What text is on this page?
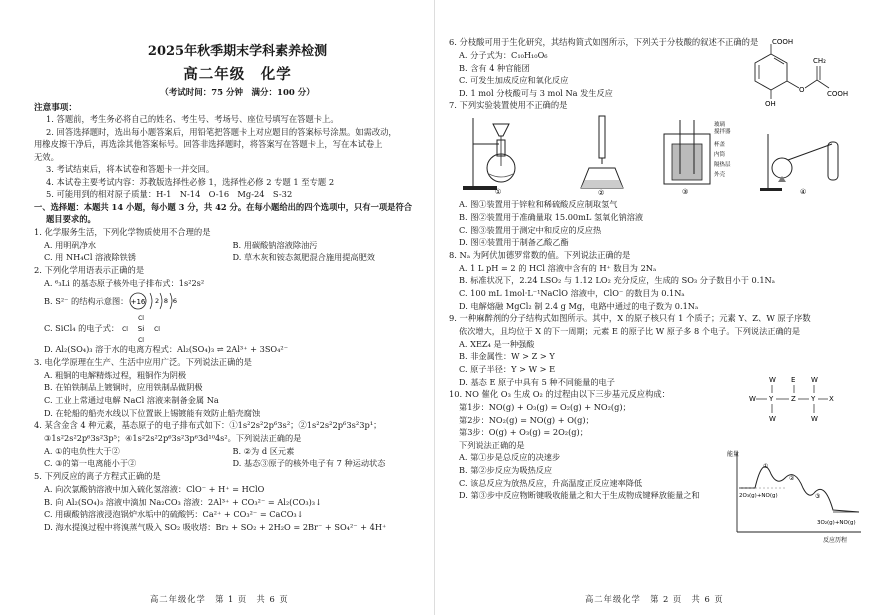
2025年秋季期末学科素养检测
高二年级　化学
（考试时间：75 分钟　满分：100 分）
注意事项：
1. 答题前，考生务必将自己的姓名、考生号、考场号、座位号填写在答题卡上。
2. 回答选择题时，选出每小题答案后，用铅笔把答题卡上对应题目的答案标号涂黑。如需改动，
用橡皮擦干净后，再选涂其他答案标号。回答非选择题时，将答案写在答题卡上，写在本试卷上
无效。
3. 考试结束后，将本试卷和答题卡一并交回。
4. 本试卷主要考试内容：苏教版选择性必修 1，选择性必修 2 专题 1 至专题 2
5. 可能用到的相对原子质量：H-1　N-14　O-16　Mg-24　S-32
一、选择题：本题共 14 小题，每小题 3 分，共 42 分。在每小题给出的四个选项中，只有一项是符合
题目要求的。
1. 化学服务生活，下列化学物质使用不合理的是
A. 用明矾净水	B. 用碳酸钠溶液除油污
C. 用 NH₄Cl 溶液除铁锈	D. 草木灰和铵态氮肥混合施用提高肥效
2. 下列化学用语表示正确的是
A. ⁶₃Li 的基态原子核外电子排布式：1s²2s²
B. S²⁻ 的结构示意图： +16 2 8 6
C. SiCl₄ 的电子式：	Si
Cl
Cl
Cl	Cl
D. Al₂(SO₄)₃ 溶于水的电离方程式：Al₂(SO₄)₃ ⇌ 2Al³⁺ + 3SO₄²⁻
3. 电化学原理在生产、生活中应用广泛。下列说法正确的是
A. 粗铜的电解精炼过程，粗铜作为阴极
B. 在铂铁制品上镀铜时，应用铁制品做阴极
C. 工业上常通过电解 NaCl 溶液来制备金属 Na
D. 在轮船的船壳水线以下位置嵌上锡镀能有效防止船壳腐蚀
4. 某含金含 4 种元素，基态原子的电子排布式如下：①1s²2s²2p⁶3s²；②1s²2s²2p⁶3s²3p¹；
③1s²2s²2p⁶3s²3p⁵；④1s²2s²2p⁶3s²3p⁶3d¹⁰4s²。下列说法正确的是
A. ①的电负性大于②	B. ②为 d 区元素
C. ③的第一电离能小于②	D. 基态③原子的核外电子有 7 种运动状态
5. 下列反应的离子方程式正确的是
A. 向次氯酸钠溶液中加入硫化氢溶液：ClO⁻ + H⁺ = HClO
B. 向 Al₂(SO₄)₃ 溶液中滴加 Na₂CO₃ 溶液：2Al³⁺ + CO₃²⁻ = Al₂(CO₃)₃↓
C. 用碳酸钠溶液浸泡锅炉水垢中的硫酸钙：Ca²⁺ + CO₃²⁻ = CaCO₃↓
D. 海水提溴过程中将溴蒸气吸入 SO₂ 吸收塔：Br₂ + SO₂ + 2H₂O = 2Br⁻ + SO₄²⁻ + 4H⁺
高二年级化学　第 1 页　共 6 页
6. 分枝酸可用于生化研究，其结构简式如图所示，下列关于分枝酸的叙述不正确的是
A. 分子式为：C₁₀H₁₀O₆
B. 含有 4 种官能团
C. 可发生加成反应和氧化反应
D. 1 mol 分枝酸可与 3 mol Na 发生反应
COOH
OH
O
CH₂
COOH
7. 下列实验装置使用不正确的是
①	②
玻璃
搅拌器
杯盖
内筒
隔热层
外壳
③	④
A. 图①装置用于锌粒和稀硫酸反应制取氢气
B. 图②装置用于准确量取 15.00mL 氢氧化钠溶液
C. 图③装置用于测定中和反应的反应热
D. 图④装置用于制备乙酸乙酯
8. Nₐ 为阿伏加德罗常数的值。下列说法正确的是
A. 1 L pH = 2 的 HCl 溶液中含有的 H⁺ 数目为 2Nₐ
B. 标准状况下，2.24 LSO₂ 与 1.12 LO₂ 充分反应，生成的 SO₃ 分子数目小于 0.1Nₐ
C. 100 mL 1mol·L⁻¹NaClO 溶液中，ClO⁻ 的数目为 0.1Nₐ
D. 电解熔融 MgCl₂ 制 2.4 g Mg，电路中通过的电子数为 0.1Nₐ
9. 一种麻醉剂的分子结构式如图所示。其中，X 的原子核只有 1 个质子；元素 Y、Z、W 原子序数
依次增大，且均位于 X 的下一周期；元素 E 的原子比 W 原子多 8 个电子。下列说法正确的是
A. XEZ₄ 是一种强酸
B. 非金属性：W > Z > Y
C. 原子半径：Y > W > E
D. 基态 E 原子中具有 5 种不同能量的电子	W E W
W Y	Z Y X
W	W
10. NO 催化 O₃ 生成 O₂ 的过程由以下三步基元反应构成：
第1步：NO(g) + O₃(g) = O₂(g) + NO₂(g)；
第2步：NO₂(g) = NO(g) + O(g)；
第3步：O(g) + O₃(g) = 2O₂(g)；
下列说法正确的是
A. 第①步是总反应的决速步
B. 第②步反应为吸热反应
C. 该总反应为放热反应，升高温度正反应速率降低
D. 第③步中反应物断键吸收能量之和大于生成物成键释放能量之和
能量
反应历程
2O₃(g)+NO(g)
3O₂(g)+NO(g)
①
②
③
高二年级化学　第 2 页　共 6 页
